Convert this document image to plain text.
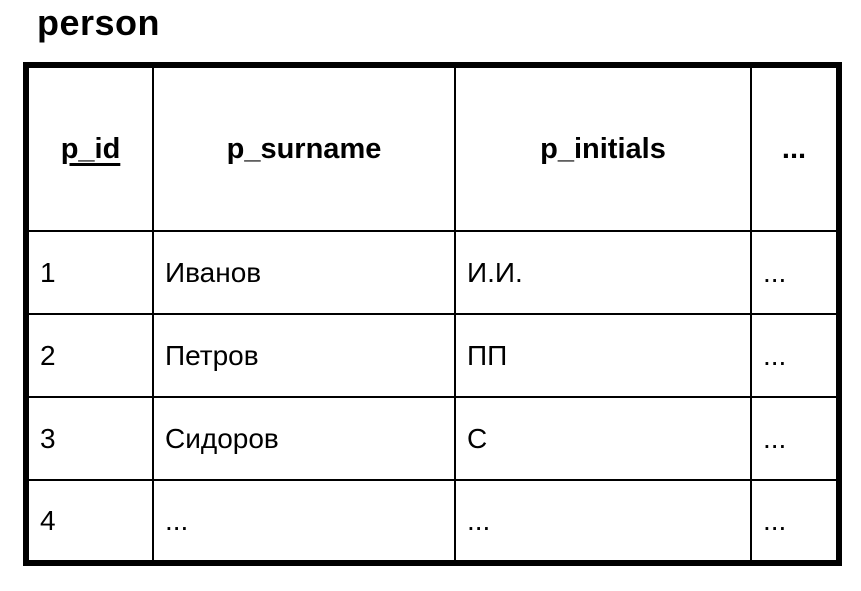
person
p_id	p_surname	p_initials	...
1	Иванов	И.И.	...
2	Петров	ПП	...
3	Сидоров	С	...
4	...	...	...
